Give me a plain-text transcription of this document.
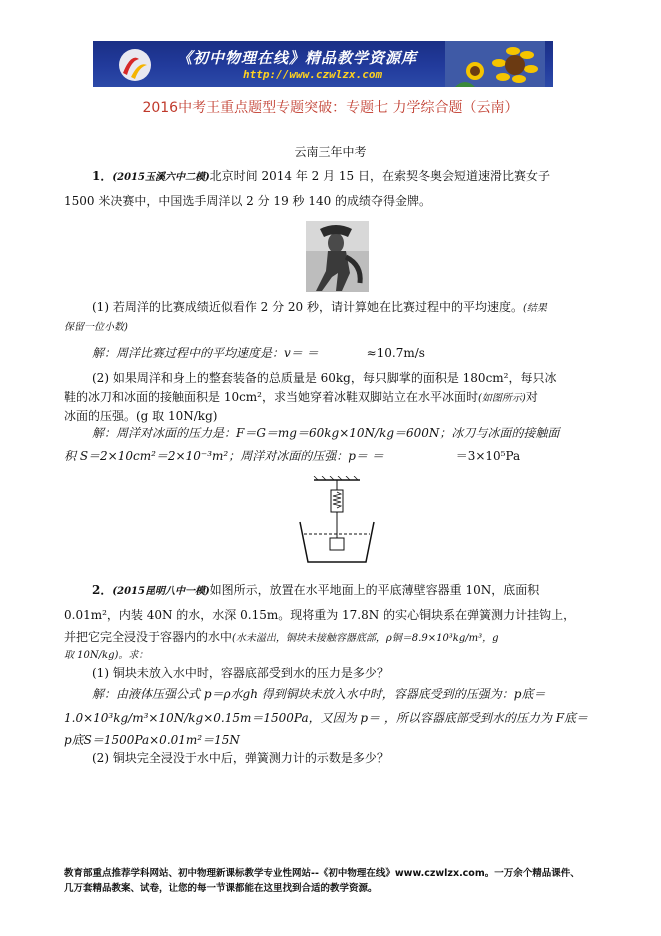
《初中物理在线》精品教学资源库
http://www.czwlzx.com
2016中考王重点题型专题突破：专题七 力学综合题（云南）
云南三年中考
1．(2015玉溪六中二模)北京时间 2014 年 2 月 15 日，在索契冬奥会短道速滑比赛女子
1500 米决赛中，中国选手周洋以 2 分 19 秒 140 的成绩夺得金牌。
(1) 若周洋的比赛成绩近似看作 2 分 20 秒，请计算她在比赛过程中的平均速度。(结果
保留一位小数)
解：周洋比赛过程中的平均速度是：v＝ ＝	≈10.7m/s
(2) 如果周洋和身上的整套装备的总质量是 60kg，每只脚掌的面积是 180cm²，每只冰
鞋的冰刀和冰面的接触面积是 10cm²，求当她穿着冰鞋双脚站立在水平冰面时(如图所示)对
冰面的压强。(g 取 10N/kg)
解：周洋对冰面的压力是：F＝G＝mg＝60kg×10N/kg＝600N；冰刀与冰面的接触面
积 S＝2×10cm²＝2×10⁻³m²；周洋对冰面的压强：p＝ ＝	＝3×10⁵Pa
2．(2015昆明八中一模)如图所示，放置在水平地面上的平底薄壁容器重 10N，底面积
0.01m²，内装 40N 的水，水深 0.15m。现将重为 17.8N 的实心铜块系在弹簧测力计挂钩上，
并把它完全浸没于容器内的水中(水未溢出，铜块未接触容器底部，ρ铜＝8.9×10³kg/m³，g
取 10N/kg)。求：
(1) 铜块未放入水中时，容器底部受到水的压力是多少？
解：由液体压强公式 p＝ρ水gh 得到铜块未放入水中时，容器底受到的压强为：p底＝
1.0×10³kg/m³×10N/kg×0.15m＝1500Pa，又因为 p＝ ，所以容器底部受到水的压力为 F底＝
p底S＝1500Pa×0.01m²＝15N
(2) 铜块完全浸没于水中后，弹簧测力计的示数是多少？
教育部重点推荐学科网站、初中物理新课标教学专业性网站--《初中物理在线》www.czwlzx.com。一万余个精品课件、
几万套精品教案、试卷，让您的每一节课都能在这里找到合适的教学资源。
